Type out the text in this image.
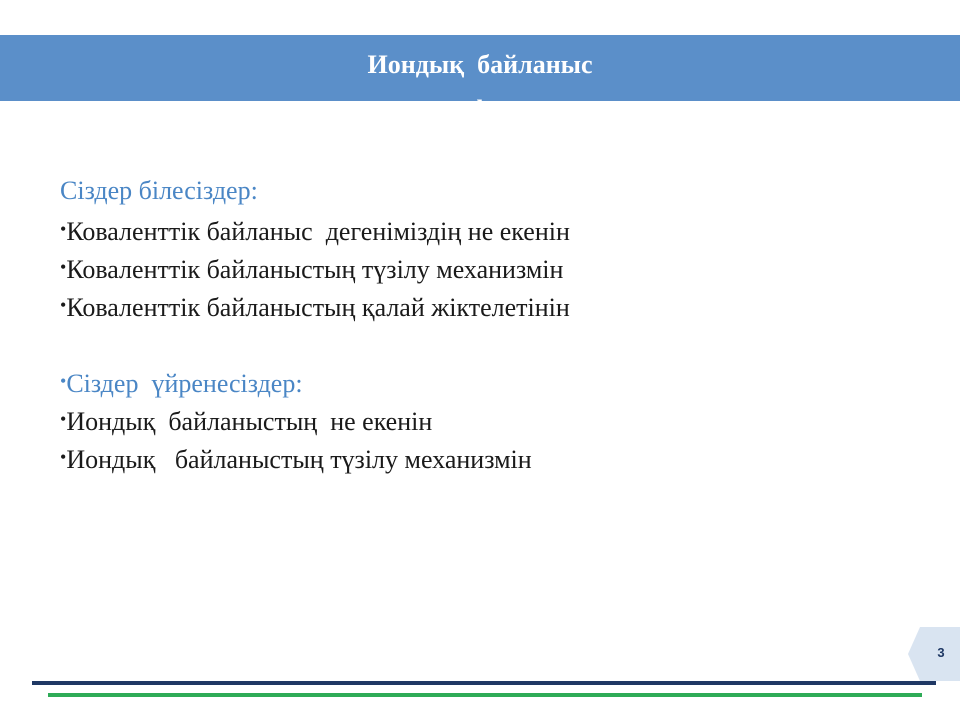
Иондық  байланыс
ф

Сіздер білесіздер:

•Коваленттік байланыс  дегеніміздің не екенін

•Коваленттік байланыстың түзілу механизмін

•Коваленттік байланыстың қалай жіктелетінін

•Сіздер  үйренесіздер:

•Иондық  байланыстың  не екенін

•Иондық   байланыстың түзілу механизмін

3
